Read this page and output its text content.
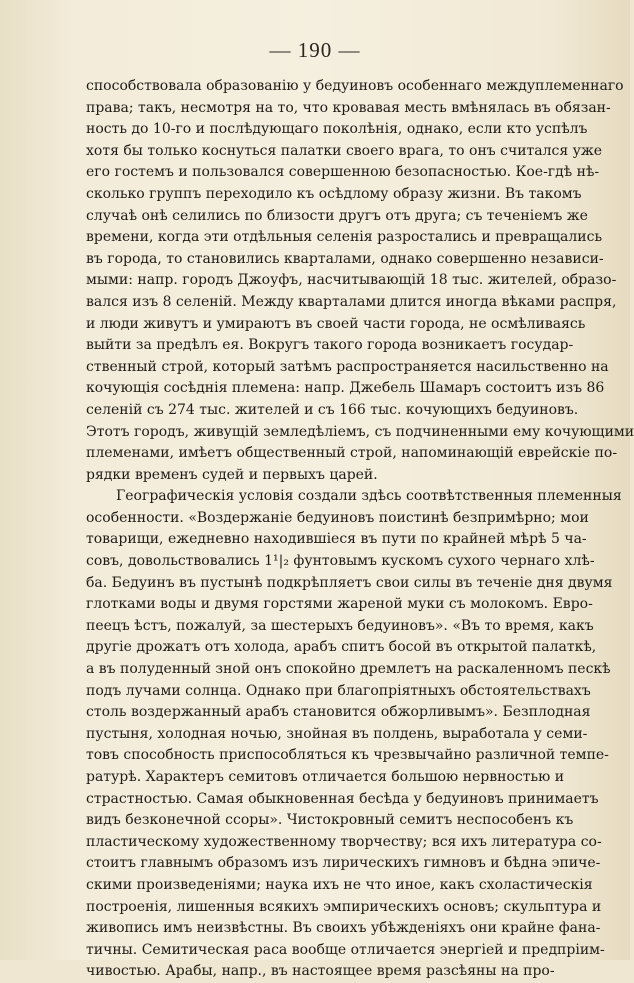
— 190 —
способствовала образованію у бедуиновъ особеннаго междуплеменнаго
права; такъ, несмотря на то, что кровавая месть вмѣнялась въ обязан-
ность до 10-го и послѣдующаго поколѣнія, однако, если кто успѣлъ
хотя бы только коснуться палатки своего врага, то онъ считался уже
его гостемъ и пользовался совершенною безопасностью. Кое-гдѣ нѣ-
сколько группъ переходило къ осѣдлому образу жизни. Въ такомъ
случаѣ онѣ селились по близости другъ отъ друга; съ теченіемъ же
времени, когда эти отдѣльныя селенія разростались и превращались
въ города, то становились кварталами, однако совершенно независи-
мыми: напр. городъ Джоуфъ, насчитывающій 18 тыс. жителей, образо-
вался изъ 8 селеній. Между кварталами длится иногда вѣками распря,
и люди живутъ и умираютъ въ своей части города, не осмѣливаясь
выйти за предѣлъ ея. Вокругъ такого города возникаетъ государ-
ственный строй, который затѣмъ распространяется насильственно на
кочующія сосѣднія племена: напр. Джебель Шамаръ состоитъ изъ 86
селеній съ 274 тыс. жителей и съ 166 тыс. кочующихъ бедуиновъ.
Этотъ городъ, живущій земледѣліемъ, съ подчиненными ему кочующими
племенами, имѣетъ общественный строй, напоминающій еврейскіе по-
рядки временъ судей и первыхъ царей.
Географическія условія создали здѣсь соотвѣтственныя племенныя
особенности. «Воздержаніе бедуиновъ поистинѣ безпримѣрно; мои
товарищи, ежедневно находившіеся въ пути по крайней мѣрѣ 5 ча-
совъ, довольствовались 1¹|₂ фунтовымъ кускомъ сухого чернаго хлѣ-
ба. Бедуинъ въ пустынѣ подкрѣпляетъ свои силы въ теченіе дня двумя
глотками воды и двумя горстями жареной муки съ молокомъ. Евро-
пеецъ ѣстъ, пожалуй, за шестерыхъ бедуиновъ». «Въ то время, какъ
другіе дрожатъ отъ холода, арабъ спитъ босой въ открытой палаткѣ,
а въ полуденный зной онъ спокойно дремлетъ на раскаленномъ пескѣ
подъ лучами солнца. Однако при благопріятныхъ обстоятельствахъ
столь воздержанный арабъ становится обжорливымъ». Безплодная
пустыня, холодная ночью, знойная въ полдень, выработала у семи-
товъ способность приспособляться къ чрезвычайно различной темпе-
ратурѣ. Характеръ семитовъ отличается большою нервностью и
страстностью. Самая обыкновенная бесѣда у бедуиновъ принимаетъ
видъ безконечной ссоры». Чистокровный семитъ неспособенъ къ
пластическому художественному творчеству; вся ихъ литература со-
стоитъ главнымъ образомъ изъ лирическихъ гимновъ и бѣдна эпиче-
скими произведеніями; наука ихъ не что иное, какъ схоластическія
построенія, лишенныя всякихъ эмпирическихъ основъ; скульптура и
живопись имъ неизвѣстны. Въ своихъ убѣжденіяхъ они крайне фана-
тичны. Семитическая раса вообще отличается энергіей и предпріим-
чивостью. Арабы, напр., въ настоящее время разсѣяны на про-
